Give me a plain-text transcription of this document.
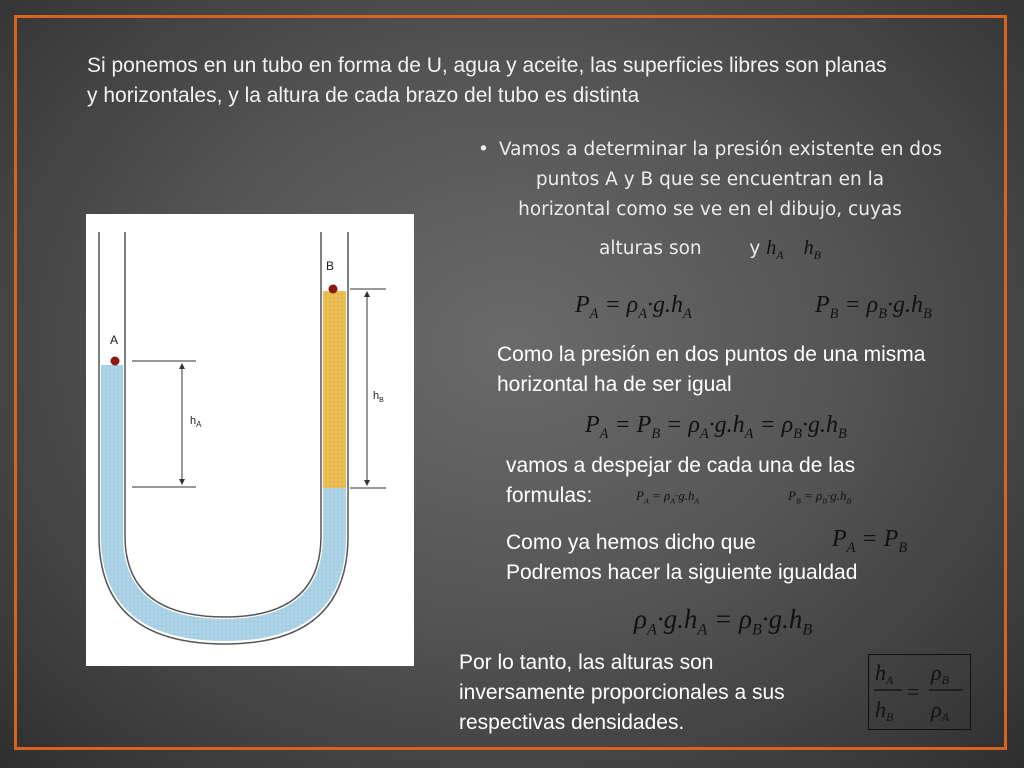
Si ponemos en un tubo en forma de U, agua y aceite, las superficies libres son planas y horizontales, y la altura de cada brazo del tubo es distinta
• Vamos a determinar la presión existente en dos
puntos A y B que se encuentran en la
horizontal como se ve en el dibujo, cuyas
alturas son	y $h_A$    $h_B$
A
B
$h_A$
$h_B$
$P_A = \rho_A\cdot g.h_A$	$P_B = \rho_B\cdot g.h_B$
Como la presión en dos puntos de una misma horizontal ha de ser igual
$P_A = P_B = \rho_A\cdot g.h_A = \rho_B\cdot g.h_B$
vamos a despejar de cada una de las formulas:	$P_A = \rho_A\cdot g.h_A$	$P_B = \rho_B\cdot g.h_B$
Como ya hemos dicho que
Podremos hacer la siguiente igualdad
$P_A = P_B$
$\rho_A\cdot g.h_A = \rho_B\cdot g.h_B$
Por lo tanto, las alturas son inversamente proporcionales a sus respectivas densidades.
hA
hB
=
ρB
ρA
